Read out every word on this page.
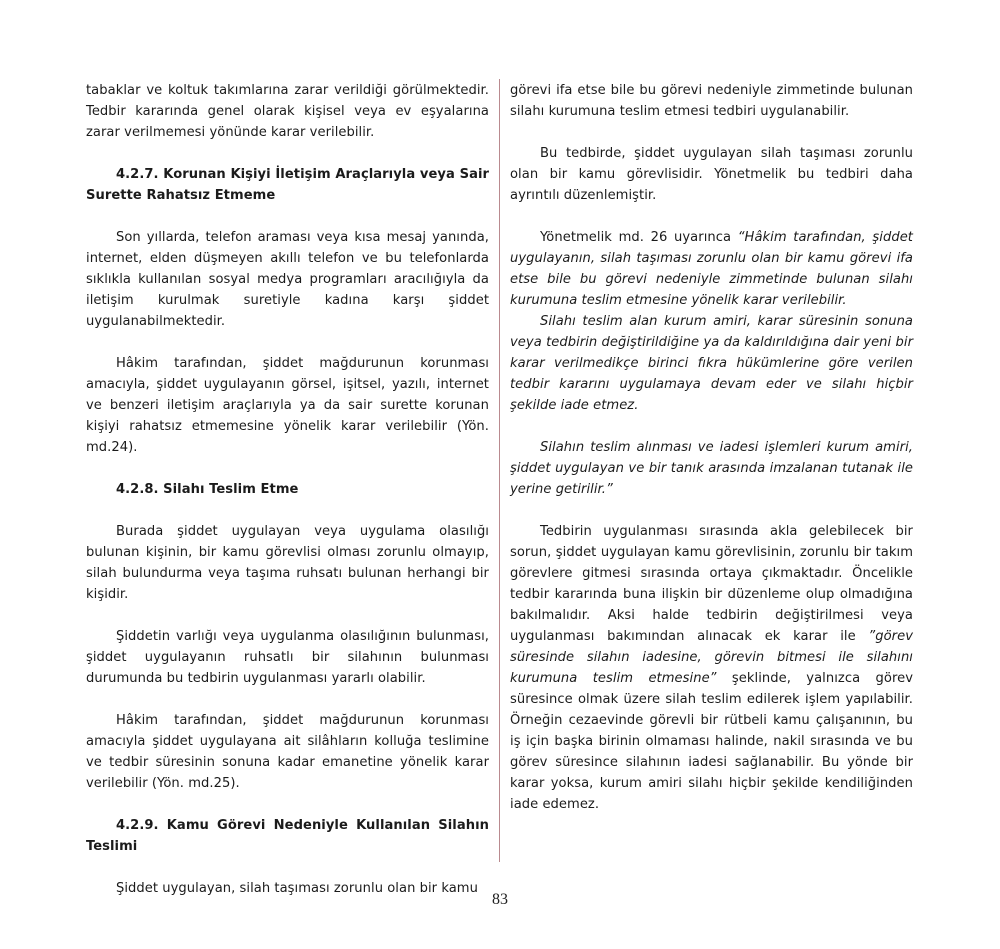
tabaklar ve koltuk takımlarına zarar verildiği görülmektedir. Tedbir kararında genel olarak kişisel veya ev eşyalarına zarar verilmemesi yönünde karar verilebilir.

4.2.7. Korunan Kişiyi İletişim Araçlarıyla veya Sair Surette Rahatsız Etmeme

Son yıllarda, telefon araması veya kısa mesaj yanında, internet, elden düşmeyen akıllı telefon ve bu telefonlarda sıklıkla kullanılan sosyal medya programları aracılığıyla da iletişim kurulmak suretiyle kadına karşı şiddet uygulanabilmektedir.

Hâkim tarafından, şiddet mağdurunun korunması amacıyla, şiddet uygulayanın görsel, işitsel, yazılı, internet ve benzeri iletişim araçlarıyla ya da sair surette korunan kişiyi rahatsız etmemesine yönelik karar verilebilir (Yön. md.24).

4.2.8. Silahı Teslim Etme

Burada şiddet uygulayan veya uygulama olasılığı bulunan kişinin, bir kamu görevlisi olması zorunlu olmayıp, silah bulundurma veya taşıma ruhsatı bulunan herhangi bir kişidir.

Şiddetin varlığı veya uygulanma olasılığının bulunması, şiddet uygulayanın ruhsatlı bir silahının bulunması durumunda bu tedbirin uygulanması yararlı olabilir.

Hâkim tarafından, şiddet mağdurunun korunması amacıyla şiddet uygulayana ait silâhların kolluğa teslimine ve tedbir süresinin sonuna kadar emanetine yönelik karar verilebilir (Yön. md.25).

4.2.9. Kamu Görevi Nedeniyle Kullanılan Silahın Teslimi

Şiddet uygulayan, silah taşıması zorunlu olan bir kamu

görevi ifa etse bile bu görevi nedeniyle zimmetinde bulunan silahı kurumuna teslim etmesi tedbiri uygulanabilir.

Bu tedbirde, şiddet uygulayan silah taşıması zorunlu olan bir kamu görevlisidir. Yönetmelik bu tedbiri daha ayrıntılı düzenlemiştir.

Yönetmelik md. 26 uyarınca “Hâkim tarafından, şiddet uygulayanın, silah taşıması zorunlu olan bir kamu görevi ifa etse bile bu görevi nedeniyle zimmetinde bulunan silahı kurumuna teslim etmesine yönelik karar verilebilir.

Silahı teslim alan kurum amiri, karar süresinin sonuna veya tedbirin değiştirildiğine ya da kaldırıldığına dair yeni bir karar verilmedikçe birinci fıkra hükümlerine göre verilen tedbir kararını uygulamaya devam eder ve silahı hiçbir şekilde iade etmez.

Silahın teslim alınması ve iadesi işlemleri kurum amiri, şiddet uygulayan ve bir tanık arasında imzalanan tutanak ile yerine getirilir.”

Tedbirin uygulanması sırasında akla gelebilecek bir sorun, şiddet uygulayan kamu görevlisinin, zorunlu bir takım görevlere gitmesi sırasında ortaya çıkmaktadır. Öncelikle tedbir kararında buna ilişkin bir düzenleme olup olmadığına bakılmalıdır. Aksi halde tedbirin değiştirilmesi veya uygulanması bakımından alınacak ek karar ile ”görev süresinde silahın iadesine, görevin bitmesi ile silahını kurumuna teslim etmesine” şeklinde, yalnızca görev süresince olmak üzere silah teslim edilerek işlem yapılabilir. Örneğin cezaevinde görevli bir rütbeli kamu çalışanının, bu iş için başka birinin olmaması halinde, nakil sırasında ve bu görev süresince silahının iadesi sağlanabilir. Bu yönde bir karar yoksa, kurum amiri silahı hiçbir şekilde kendiliğinden iade edemez.

83
